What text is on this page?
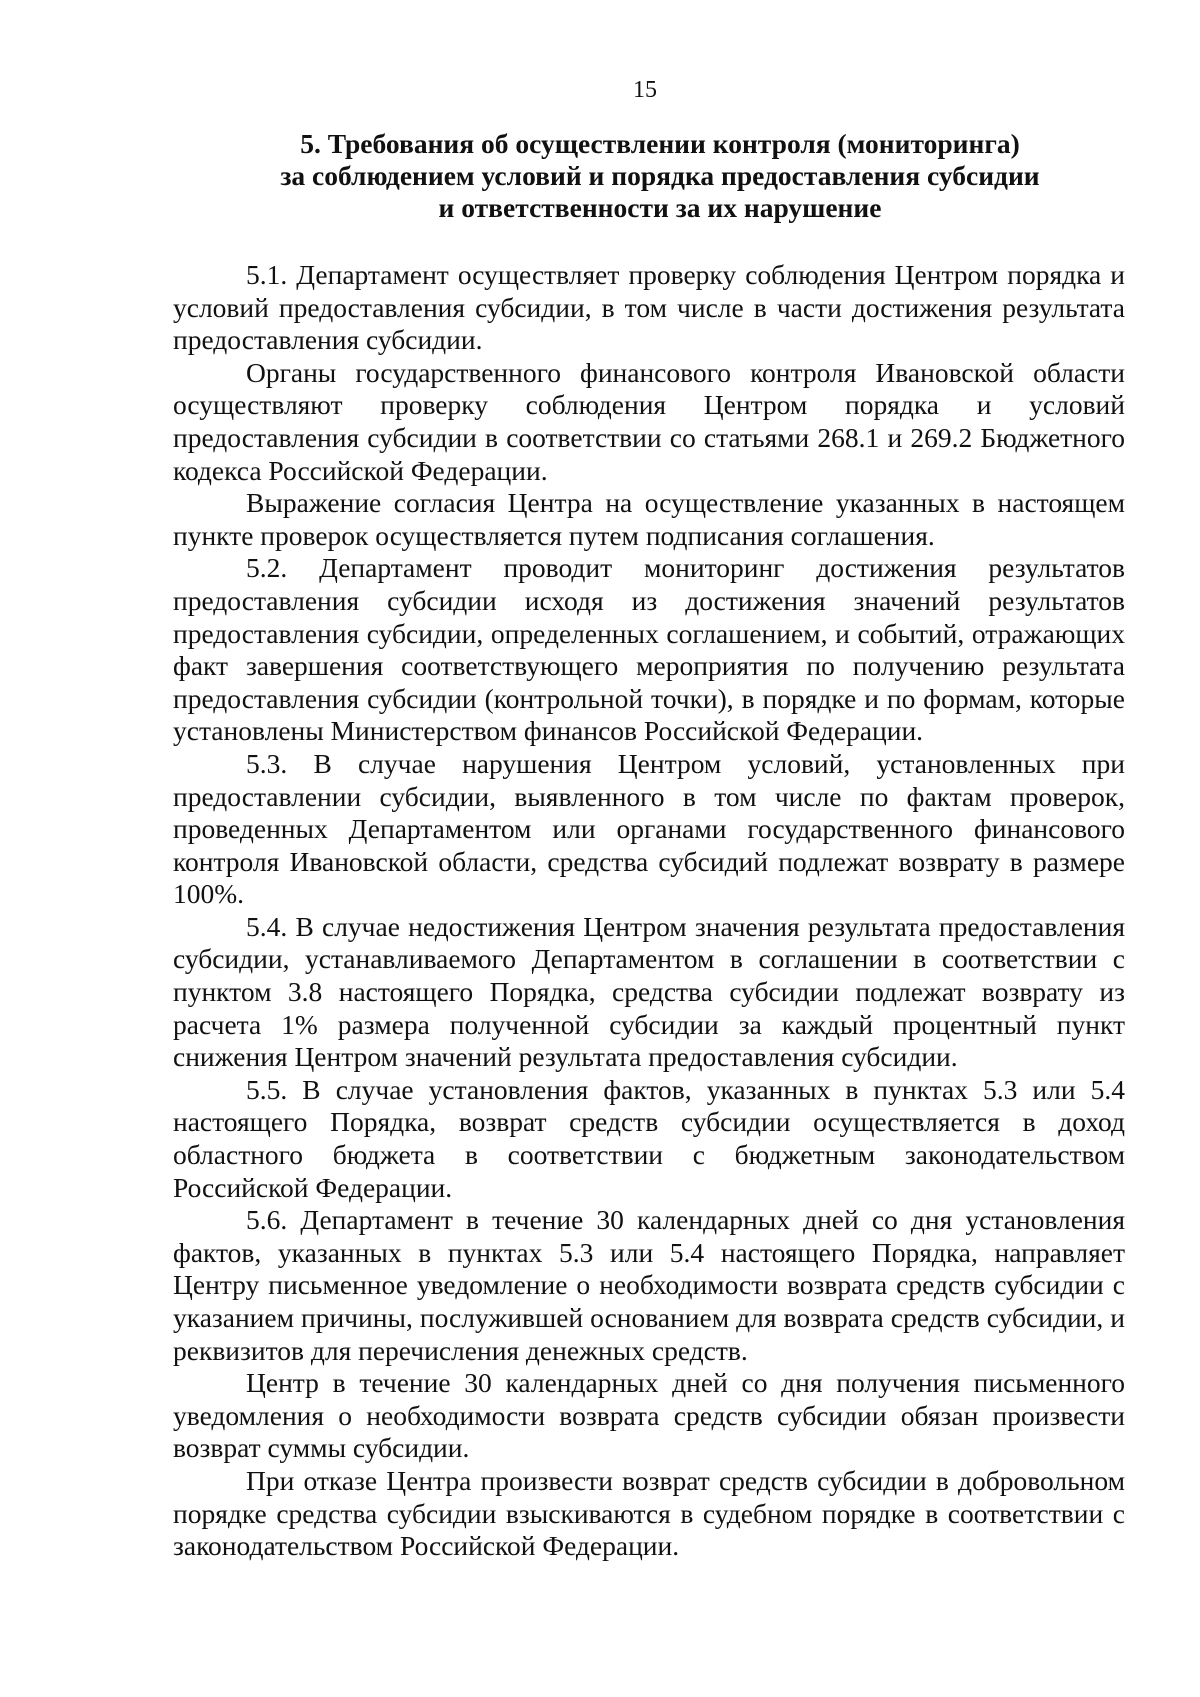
15
5. Требования об осуществлении контроля (мониторинга)
за соблюдением условий и порядка предоставления субсидии
и ответственности за их нарушение

5.1. Департамент осуществляет проверку соблюдения Центром порядка и условий предоставления субсидии, в том числе в части достижения результата предоставления субсидии.

Органы государственного финансового контроля Ивановской области осуществляют проверку соблюдения Центром порядка и условий предоставления субсидии в соответствии со статьями 268.1 и 269.2 Бюджетного кодекса Российской Федерации.

Выражение согласия Центра на осуществление указанных в настоящем пункте проверок осуществляется путем подписания соглашения.

5.2. Департамент проводит мониторинг достижения результатов предоставления субсидии исходя из достижения значений результатов предоставления субсидии, определенных соглашением, и событий, отражающих факт завершения соответствующего мероприятия по получению результата предоставления субсидии (контрольной точки), в порядке и по формам, которые установлены Министерством финансов Российской Федерации.

5.3. В случае нарушения Центром условий, установленных при предоставлении субсидии, выявленного в том числе по фактам проверок, проведенных Департаментом или органами государственного финансового контроля Ивановской области, средства субсидий подлежат возврату в размере 100%.

5.4. В случае недостижения Центром значения результата предоставления субсидии, устанавливаемого Департаментом в соглашении в соответствии с пунктом 3.8 настоящего Порядка, средства субсидии подлежат возврату из расчета 1% размера полученной субсидии за каждый процентный пункт снижения Центром значений результата предоставления субсидии.

5.5. В случае установления фактов, указанных в пунктах 5.3 или 5.4 настоящего Порядка, возврат средств субсидии осуществляется в доход областного бюджета в соответствии с бюджетным законодательством Российской Федерации.

5.6. Департамент в течение 30 календарных дней со дня установления фактов, указанных в пунктах 5.3 или 5.4 настоящего Порядка, направляет Центру письменное уведомление о необходимости возврата средств субсидии с указанием причины, послужившей основанием для возврата средств субсидии, и реквизитов для перечисления денежных средств.

Центр в течение 30 календарных дней со дня получения письменного уведомления о необходимости возврата средств субсидии обязан произвести возврат суммы субсидии.

При отказе Центра произвести возврат средств субсидии в добровольном порядке средства субсидии взыскиваются в судебном порядке в соответствии с законодательством Российской Федерации.
